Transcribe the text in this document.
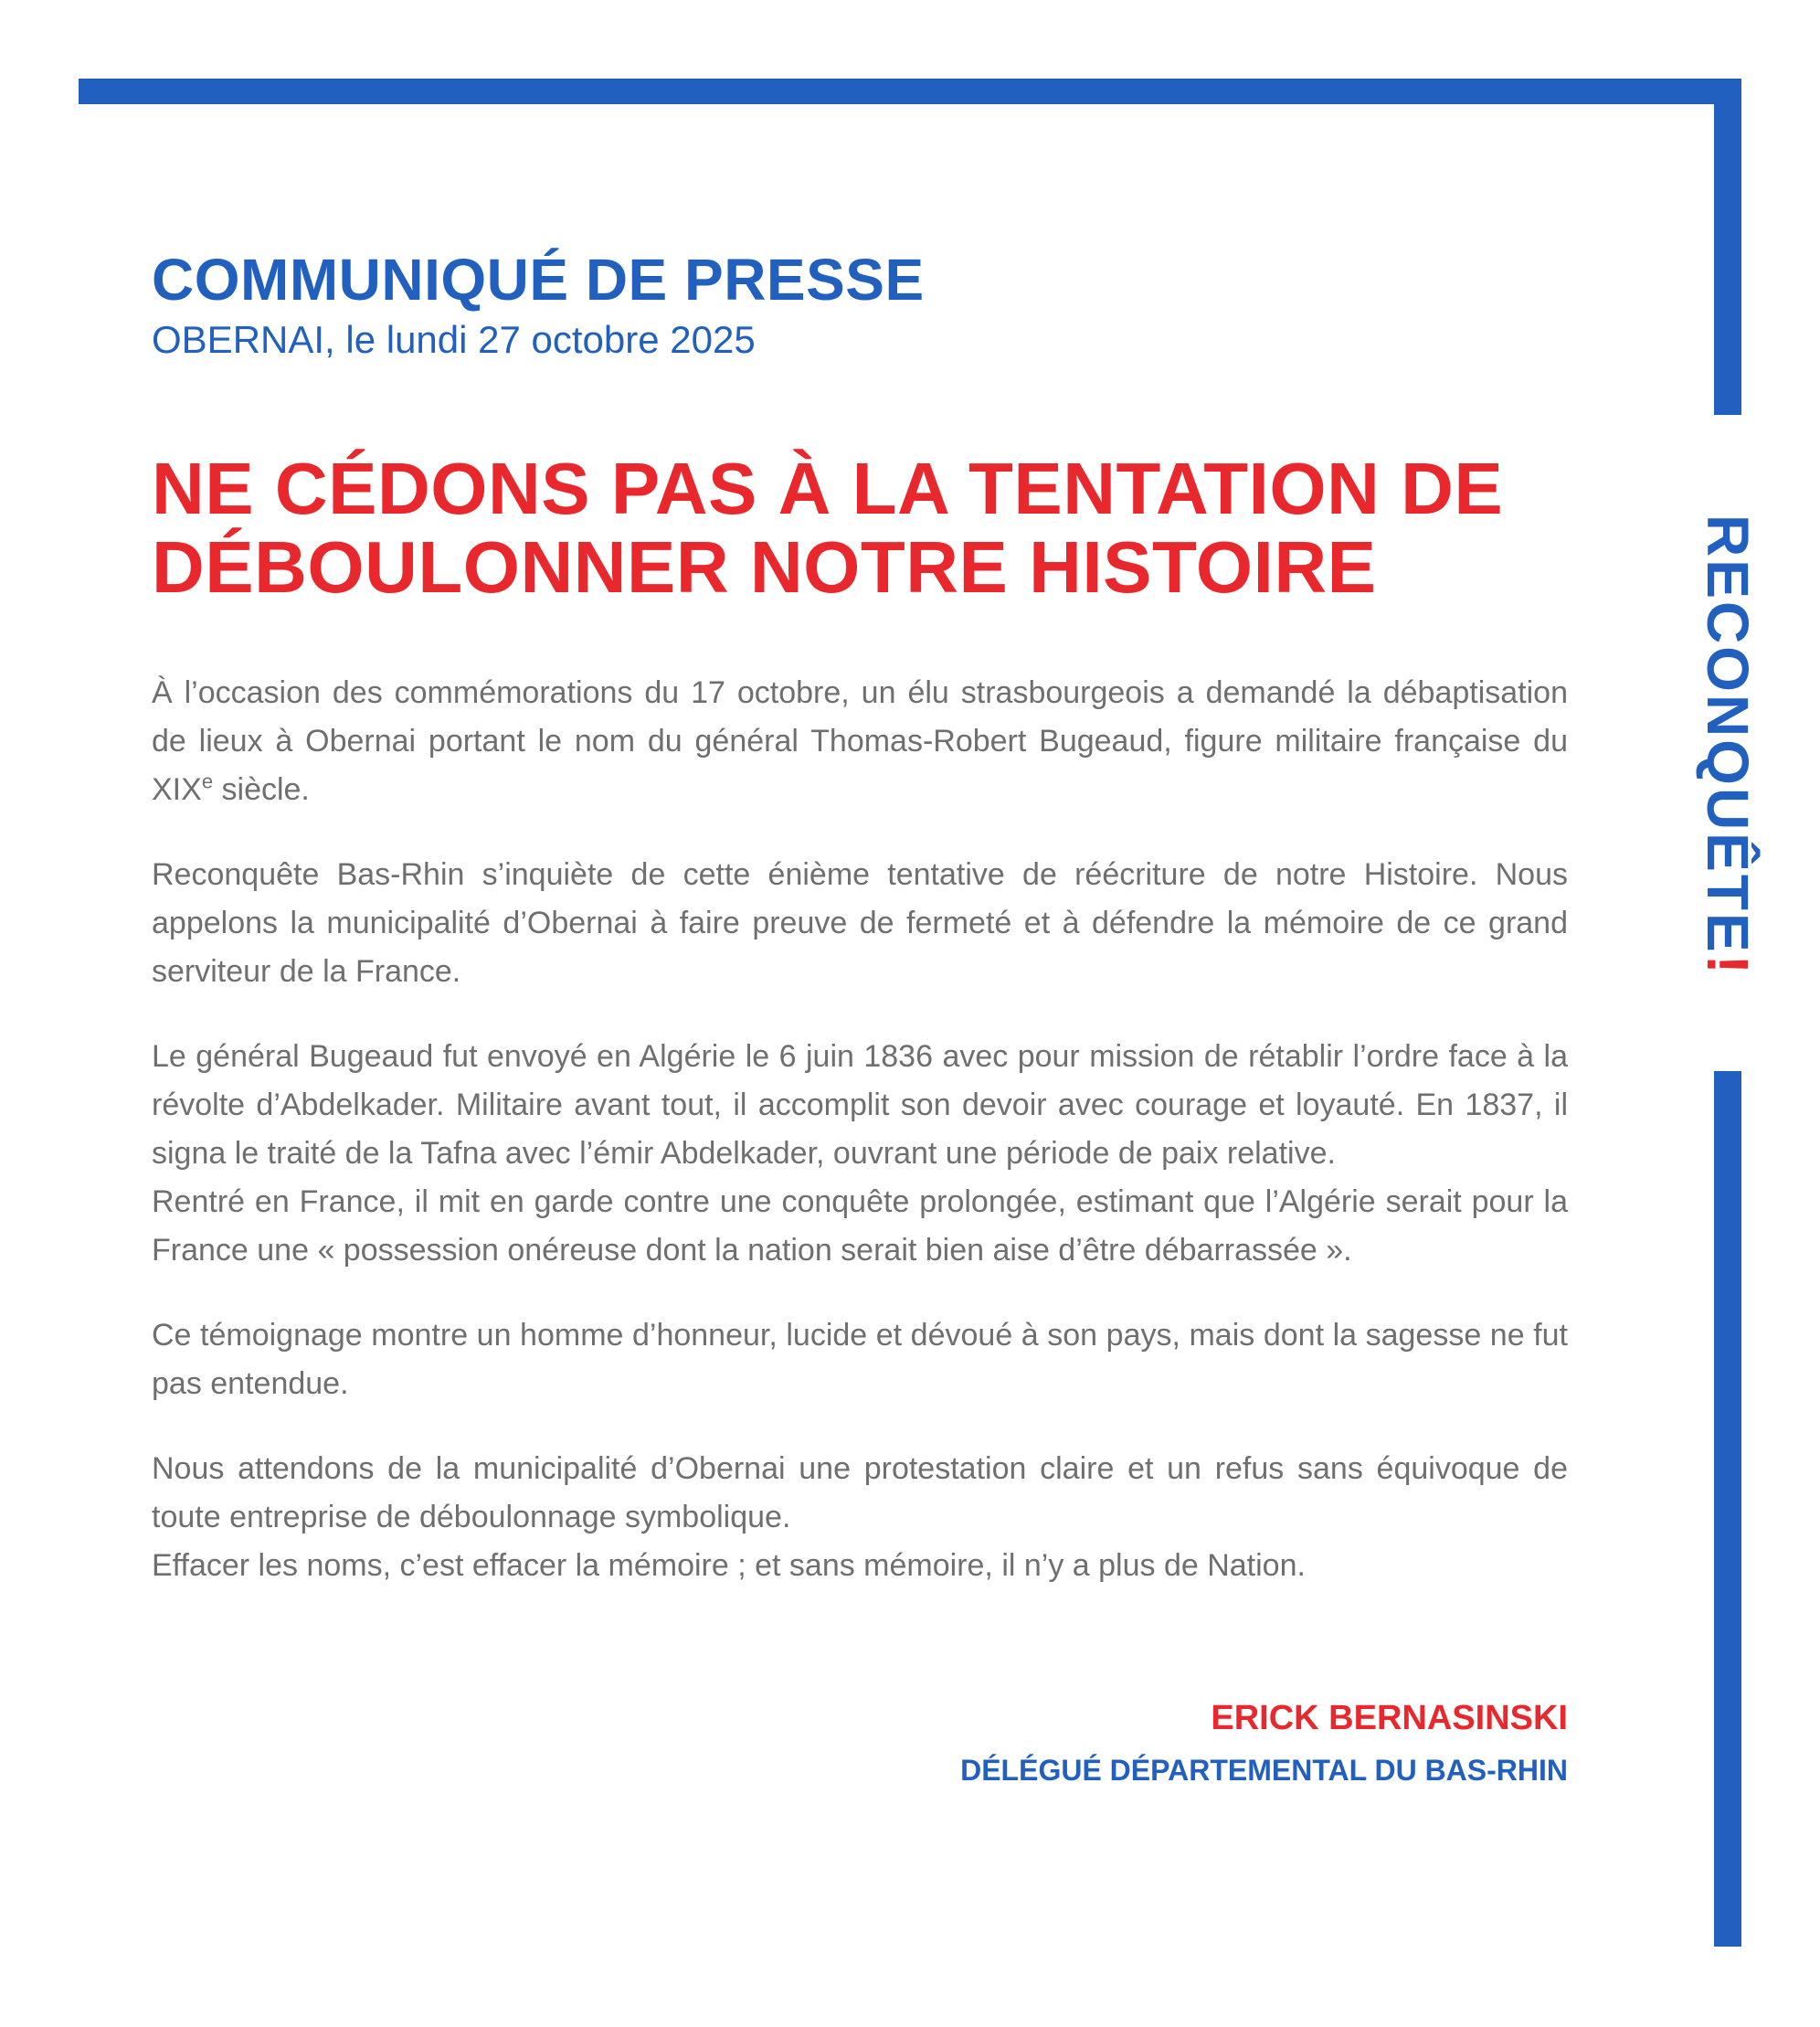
RECONQUÊTE!
COMMUNIQUÉ DE PRESSE

OBERNAI, le lundi 27 octobre 2025

NE CÉDONS PAS À LA TENTATION DE
DÉBOULONNER NOTRE HISTOIRE

À l’occasion des commémorations du 17 octobre, un élu strasbourgeois a demandé la débaptisation de lieux à Obernai portant le nom du général Thomas-Robert Bugeaud, figure militaire française du XIXe siècle.

Reconquête Bas-Rhin s’inquiète de cette énième tentative de réécriture de notre Histoire. Nous appelons la municipalité d’Obernai à faire preuve de fermeté et à défendre la mémoire de ce grand serviteur de la France.

Le général Bugeaud fut envoyé en Algérie le 6 juin 1836 avec pour mission de rétablir l’ordre face à la révolte d’Abdelkader. Militaire avant tout, il accomplit son devoir avec courage et loyauté. En 1837, il signa le traité de la Tafna avec l’émir Abdelkader, ouvrant une période de paix relative.

Rentré en France, il mit en garde contre une conquête prolongée, estimant que l’Algérie serait pour la France une « possession onéreuse dont la nation serait bien aise d’être débarrassée ».

Ce témoignage montre un homme d’honneur, lucide et dévoué à son pays, mais dont la sagesse ne fut pas entendue.

Nous attendons de la municipalité d’Obernai une protestation claire et un refus sans équivoque de toute entreprise de déboulonnage symbolique.

Effacer les noms, c’est effacer la mémoire ; et sans mémoire, il n’y a plus de Nation.

ERICK BERNASINSKI

DÉLÉGUÉ DÉPARTEMENTAL DU BAS-RHIN
